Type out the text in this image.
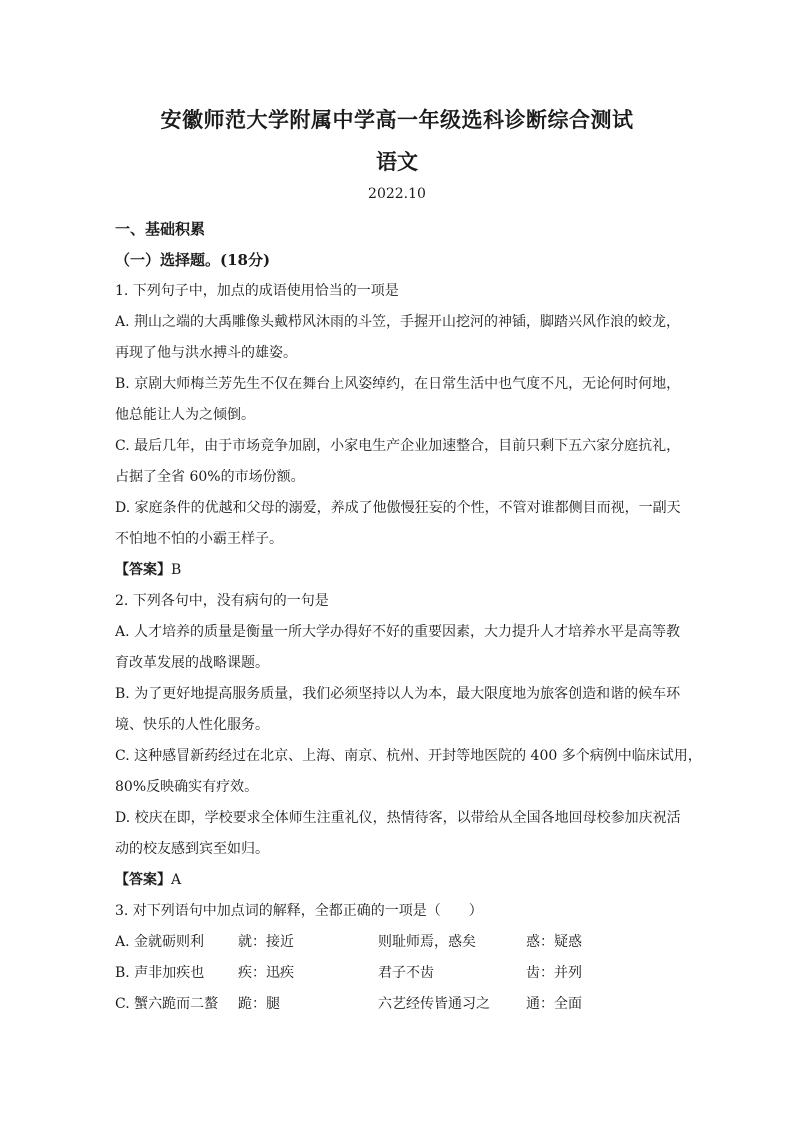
安徽师范大学附属中学高一年级选科诊断综合测试
语文
2022.10
一、基础积累
（一）选择题。(18分)
1. 下列句子中，加点的成语使用恰当的一项是
A. 荆山之端的大禹雕像头戴栉风沐雨的斗笠，手握开山挖河的神锸，脚踏兴风作浪的蛟龙，
再现了他与洪水搏斗的雄姿。
B. 京剧大师梅兰芳先生不仅在舞台上风姿绰约，在日常生活中也气度不凡，无论何时何地，
他总能让人为之倾倒。
C. 最后几年，由于市场竞争加剧，小家电生产企业加速整合，目前只剩下五六家分庭抗礼，
占据了全省 60%的市场份额。
D. 家庭条件的优越和父母的溺爱，养成了他傲慢狂妄的个性，不管对谁都侧目而视，一副天
不怕地不怕的小霸王样子。
【答案】B
2. 下列各句中，没有病句的一句是
A. 人才培养的质量是衡量一所大学办得好不好的重要因素，大力提升人才培养水平是高等教
育改革发展的战略课题。
B. 为了更好地提高服务质量，我们必须坚持以人为本，最大限度地为旅客创造和谐的候车环
境、快乐的人性化服务。
C. 这种感冒新药经过在北京、上海、南京、杭州、开封等地医院的 400 多个病例中临床试用，
80%反映确实有疗效。
D. 校庆在即，学校要求全体师生注重礼仪，热情待客，以带给从全国各地回母校参加庆祝活
动的校友感到宾至如归。
【答案】A
3. 对下列语句中加点词的解释，全都正确的一项是（　　）
A. 金就砺则利	就：接近	则耻师焉，惑矣	惑：疑惑
B. 声非加疾也	疾：迅疾	君子不齿	齿：并列
C. 蟹六跪而二螯	跪：腿	六艺经传皆通习之	通：全面
